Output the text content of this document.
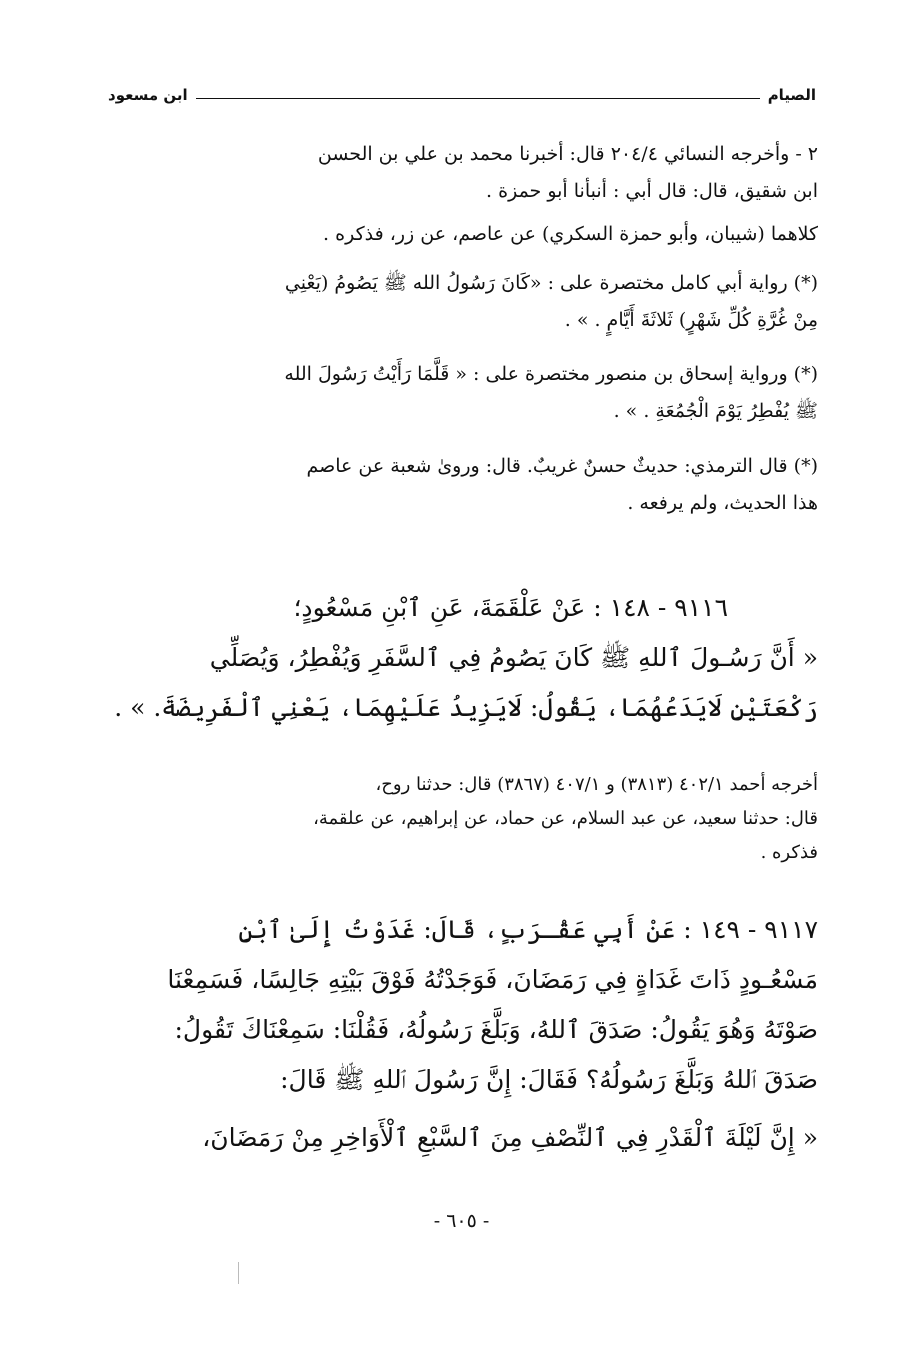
الصيام
ابن مسعود
٢ - وأخرجه النسائي ٢٠٤/٤ قال: أخبرنا محمد بن علي بن الحسن
ابن شقيق، قال: قال أبي : أنبأنا أبو حمزة .
كلاهما (شيبان، وأبو حمزة السكري) عن عاصم، عن زر، فذكره .
(*) رواية أبي كامل مختصرة على : «كَانَ رَسُولُ الله ﷺ يَصُومُ (يَعْنِي
مِنْ غُرَّةِ كُلِّ شَهْرٍ) ثَلاثَةَ أَيَّامٍ . » .
(*) ورواية إسحاق بن منصور مختصرة على : « قَلَّمَا رَأَيْتُ رَسُولَ الله
ﷺ يُفْطِرُ يَوْمَ الْجُمُعَةِ . » .
(*) قال الترمذي: حديثٌ حسنٌ غريبٌ. قال: وروىٰ شعبة عن عاصم
هذا الحديث، ولم يرفعه .
٩١١٦ - ١٤٨ : عَنْ عَلْقَمَةَ، عَنِ ٱبْنِ مَسْعُودٍ؛
« أَنَّ رَسُـولَ ٱللهِ ﷺ كَانَ يَصُومُ فِي ٱلسَّفَرِ وَيُفْطِرُ، وَيُصَلِّي
رَكْعَتَيْنِ لَايَدَعُهُمَا، يَقُولُ: لَايَزِيدُ عَلَيْهِمَا، يَعْنِي ٱلْفَرِيضَةَ. » .
أخرجه أحمد ٤٠٢/١ (٣٨١٣) و ٤٠٧/١ (٣٨٦٧) قال: حدثنا روح،
قال: حدثنا سعيد، عن عبد السلام، عن حماد، عن إبراهيم، عن علقمة،
فذكره .
٩١١٧ - ١٤٩ : عَنْ أَبِي عَقْـرَبٍ، قَالَ: غَدَوْتُ إِلَىٰ ٱبْنِ
مَسْعُـودٍ ذَاتَ غَدَاةٍ فِي رَمَضَانَ، فَوَجَدْتُهُ فَوْقَ بَيْتِهِ جَالِسًا، فَسَمِعْنَا
صَوْتَهُ وَهُوَ يَقُولُ: صَدَقَ ٱللهُ، وَبَلَّغَ رَسُولُهُ، فَقُلْنَا: سَمِعْنَاكَ تَقُولُ:
صَدَقَ ٱللهُ وَبَلَّغَ رَسُولُهُ؟ فَقَالَ: إِنَّ رَسُولَ ٱللهِ ﷺ قَالَ:
« إِنَّ لَيْلَةَ ٱلْقَدْرِ فِي ٱلنِّصْفِ مِنَ ٱلسَّبْعِ ٱلْأَوَاخِرِ مِنْ رَمَضَانَ،
- ٦٠٥ -
